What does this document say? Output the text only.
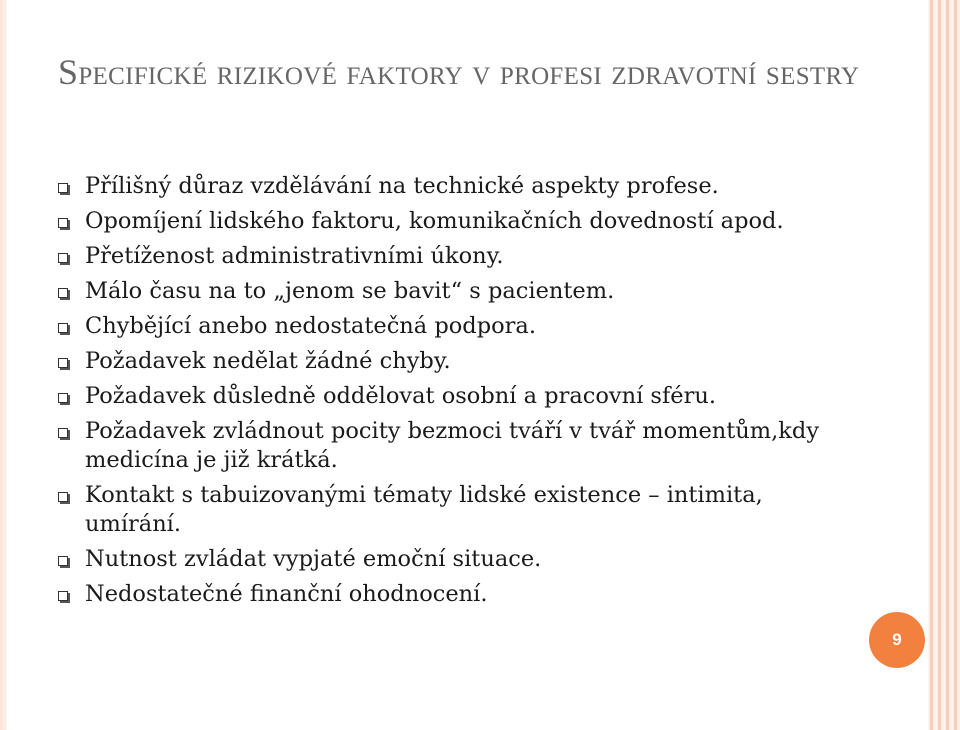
Specifické rizikové faktory v profesi zdravotní sestry
Přílišný důraz vzdělávání na technické aspekty profese.
Opomíjení lidského faktoru, komunikačních dovedností apod.
Přetíženost administrativními úkony.
Málo času na to „jenom se bavit“ s pacientem.
Chybějící anebo nedostatečná podpora.
Požadavek nedělat žádné chyby.
Požadavek důsledně oddělovat osobní a pracovní sféru.
Požadavek zvládnout pocity bezmoci tváří v tvář momentům,kdy medicína je již krátká.
Kontakt s tabuizovanými tématy lidské existence – intimita, umírání.
Nutnost zvládat vypjaté emoční situace.
Nedostatečné finanční ohodnocení.
9
